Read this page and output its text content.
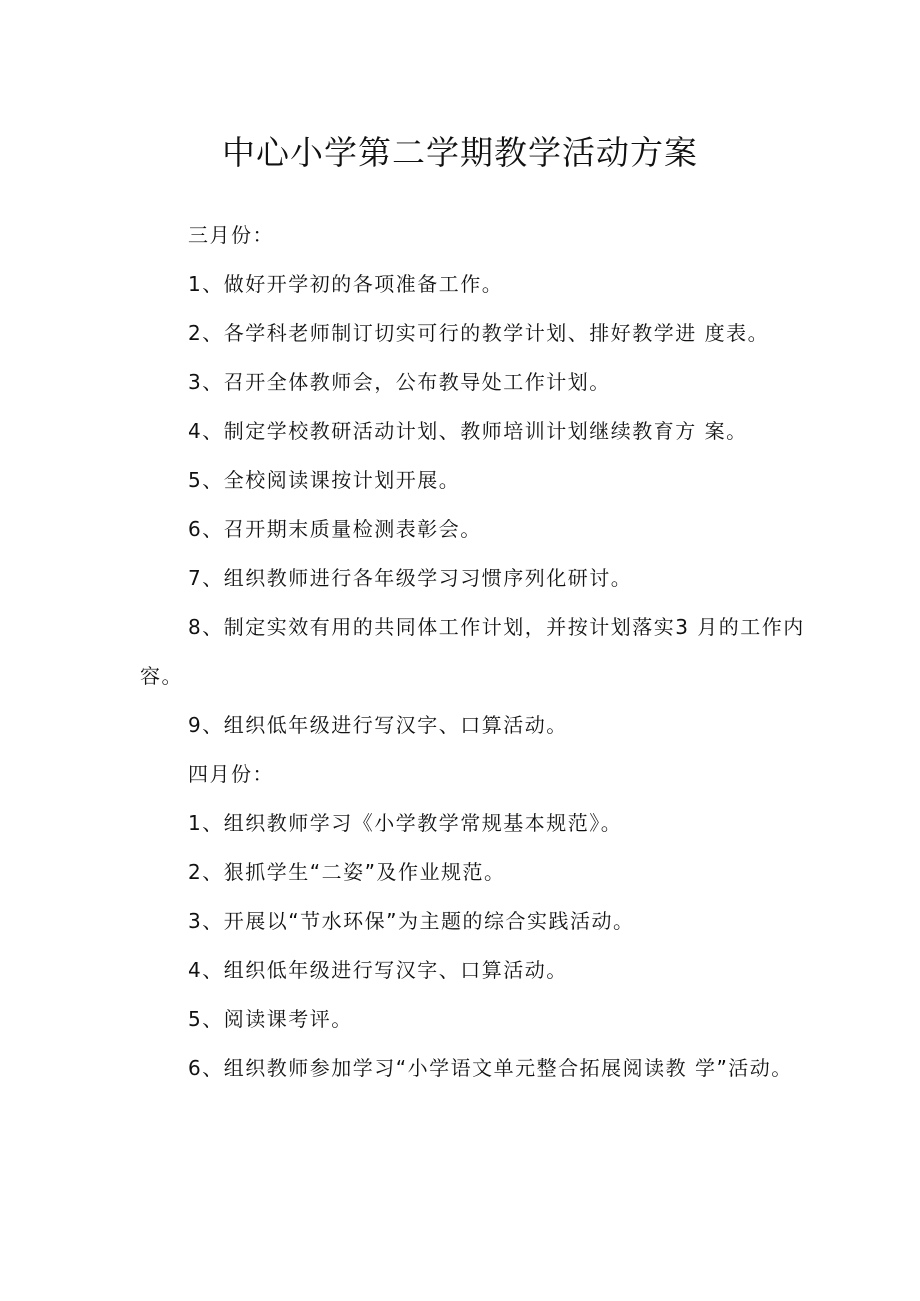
中心小学第二学期教学活动方案

三月份：

1、做好开学初的各项准备工作。

2、各学科老师制订切实可行的教学计划、排好教学进 度表。

3、召开全体教师会，公布教导处工作计划。

4、制定学校教研活动计划、教师培训计划继续教育方 案。

5、全校阅读课按计划开展。

6、召开期末质量检测表彰会。

7、组织教师进行各年级学习习惯序列化研讨。

8、制定实效有用的共同体工作计划，并按计划落实3 月的工作内容。

9、组织低年级进行写汉字、口算活动。

四月份：

1、组织教师学习《小学教学常规基本规范》。

2、狠抓学生“二姿”及作业规范。

3、开展以“节水环保”为主题的综合实践活动。

4、组织低年级进行写汉字、口算活动。

5、阅读课考评。

6、组织教师参加学习“小学语文单元整合拓展阅读教 学”活动。
